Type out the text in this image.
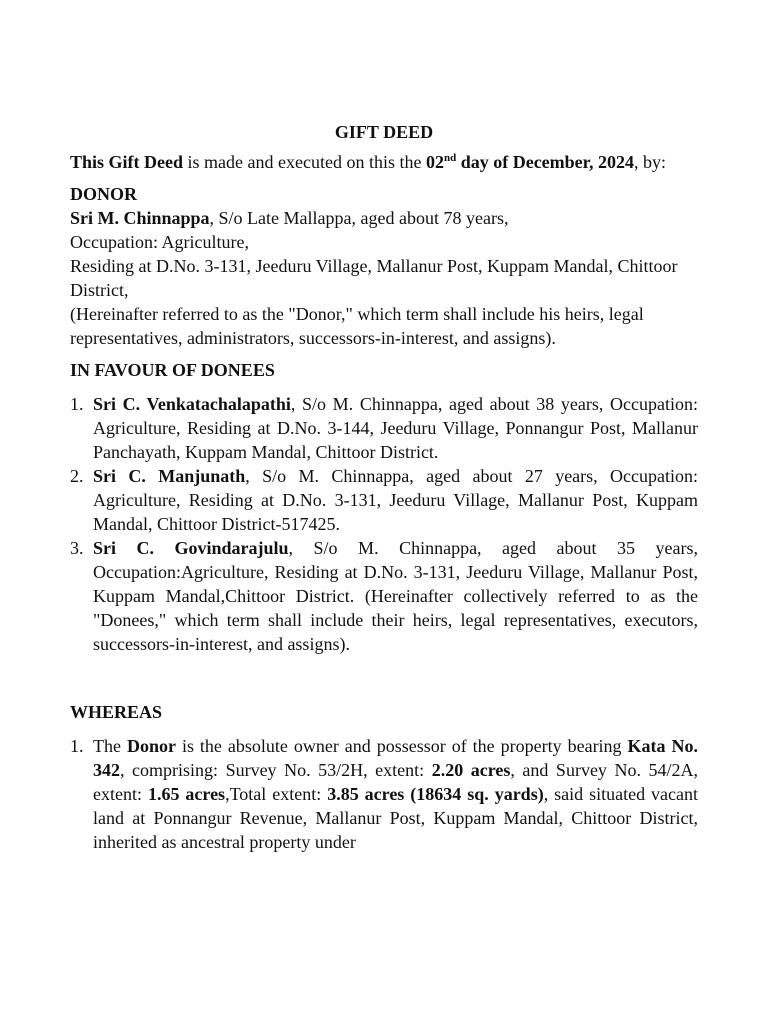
GIFT DEED

This Gift Deed is made and executed on this the 02nd day of December, 2024, by:

DONOR

Sri M. Chinnappa, S/o Late Mallappa, aged about 78 years,

Occupation: Agriculture,

Residing at D.No. 3-131, Jeeduru Village, Mallanur Post, Kuppam Mandal, Chittoor District,

(Hereinafter referred to as the "Donor," which term shall include his heirs, legal representatives, administrators, successors-in-interest, and assigns).

IN FAVOUR OF DONEES

1. Sri C. Venkatachalapathi, S/o M. Chinnappa, aged about 38 years, Occupation: Agriculture, Residing at D.No. 3-144, Jeeduru Village, Ponnangur Post, Mallanur Panchayath, Kuppam Mandal, Chittoor District.
2. Sri C. Manjunath, S/o M. Chinnappa, aged about 27 years, Occupation: Agriculture, Residing at D.No. 3-131, Jeeduru Village, Mallanur Post, Kuppam Mandal, Chittoor District-517425.
3. Sri C. Govindarajulu, S/o M. Chinnappa, aged about 35 years, Occupation:Agriculture, Residing at D.No. 3-131, Jeeduru Village, Mallanur Post, Kuppam Mandal,Chittoor District. (Hereinafter collectively referred to as the "Donees," which term shall include their heirs, legal representatives, executors, successors-in-interest, and assigns).

WHEREAS

1. The Donor is the absolute owner and possessor of the property bearing Kata No. 342, comprising: Survey No. 53/2H, extent: 2.20 acres, and Survey No. 54/2A, extent: 1.65 acres,Total extent: 3.85 acres (18634 sq. yards), said situated vacant land at Ponnangur Revenue, Mallanur Post, Kuppam Mandal, Chittoor District, inherited as ancestral property under
